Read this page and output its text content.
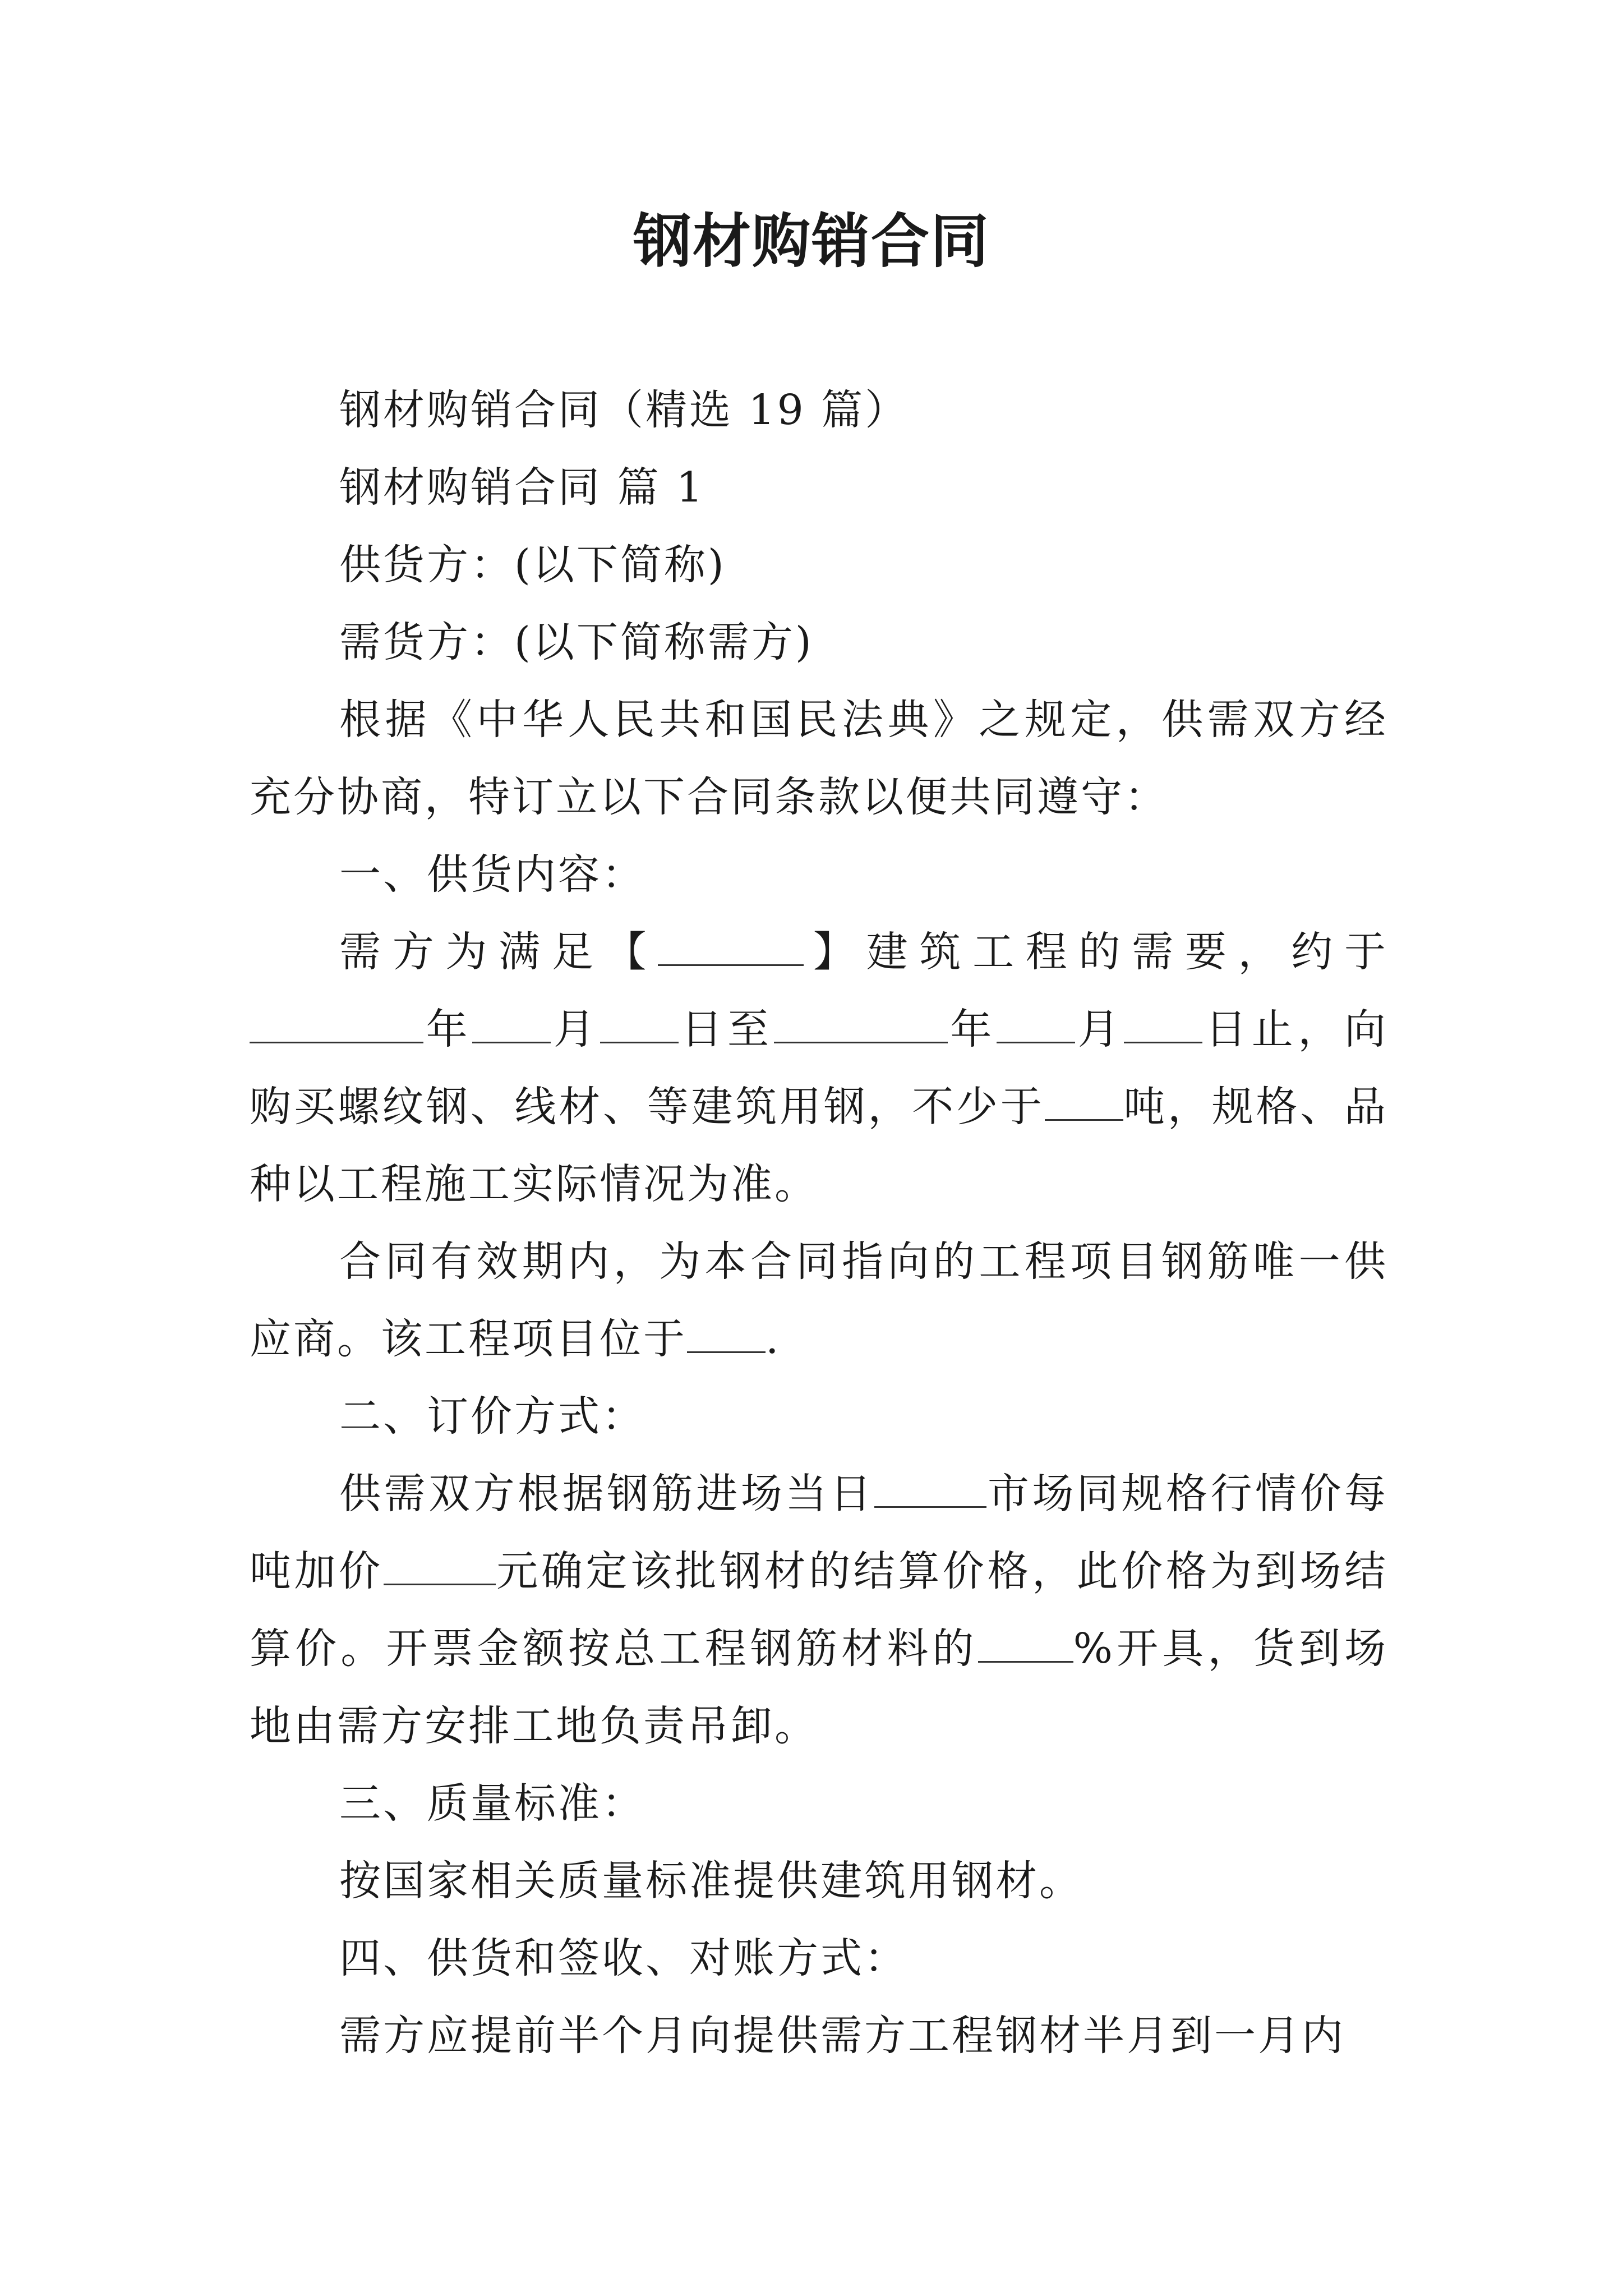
钢材购销合同

钢材购销合同（精选 19 篇）

钢材购销合同 篇 1

供货方：(以下简称)

需货方：(以下简称需方)

根据《中华人民共和国民法典》之规定，供需双方经充分协商，特订立以下合同条款以便共同遵守：

一、供货内容：

需方为满足【	】建筑工程的需要，约于年 月 日至	年 月 日止，向购买螺纹钢、线材、等建筑用钢，不少于 吨，规格、品种以工程施工实际情况为准。

合同有效期内，为本合同指向的工程项目钢筋唯一供应商。该工程项目位于 .

二、订价方式：

供需双方根据钢筋进场当日	市场同规格行情价每吨加价	元确定该批钢材的结算价格，此价格为到场结算价。开票金额按总工程钢筋材料的 %开具，货到场地由需方安排工地负责吊卸。

三、质量标准：

按国家相关质量标准提供建筑用钢材。

四、供货和签收、对账方式：

需方应提前半个月向提供需方工程钢材半月到一月内
